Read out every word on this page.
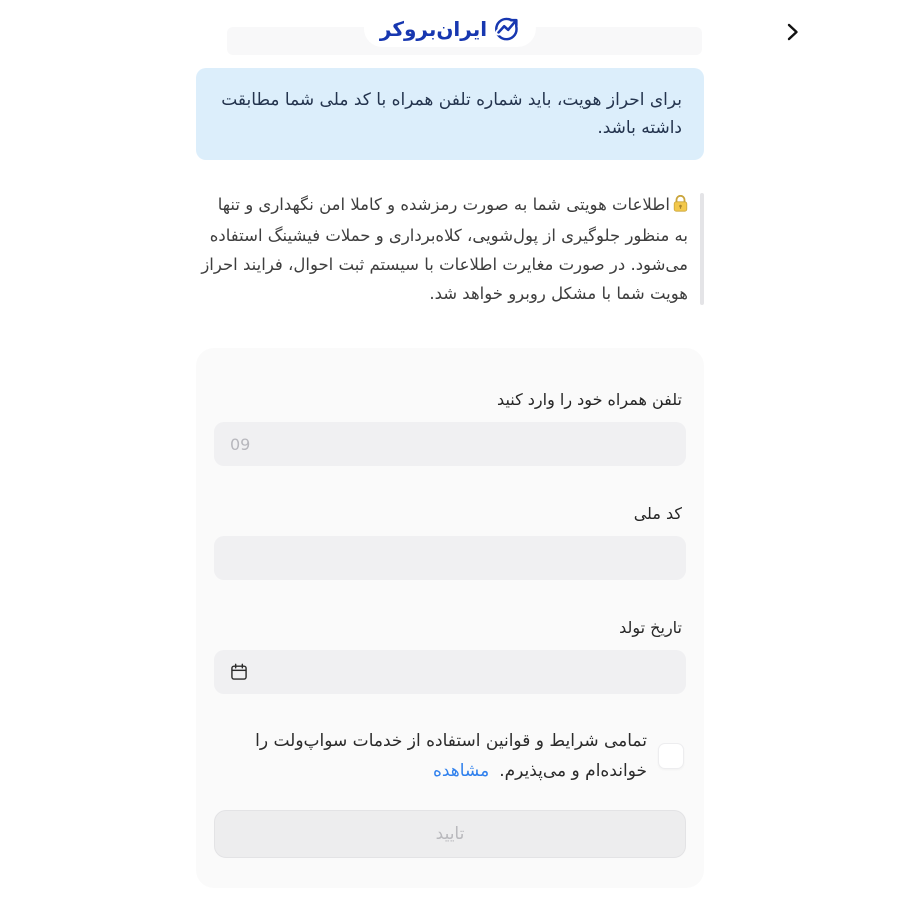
ایران‌بروکر
برای احراز هویت، باید شماره تلفن همراه با کد ملی شما مطابقت داشته باشد.
اطلاعات هویتی شما به صورت رمزشده و کاملا امن نگهداری و تنها به منظور جلوگیری از پول‌شویی، کلاه‌برداری و حملات فیشینگ استفاده می‌شود. در صورت مغایرت اطلاعات با سیستم ثبت احوال، فرایند احراز هویت شما با مشکل روبرو خواهد شد.
تلفن همراه خود را وارد کنید
09
کد ملی
تاریخ تولد
تمامی شرایط و قوانین استفاده از خدمات سواپ‌ولت را
خوانده‌ام و می‌پذیرم.مشاهده
تایید
